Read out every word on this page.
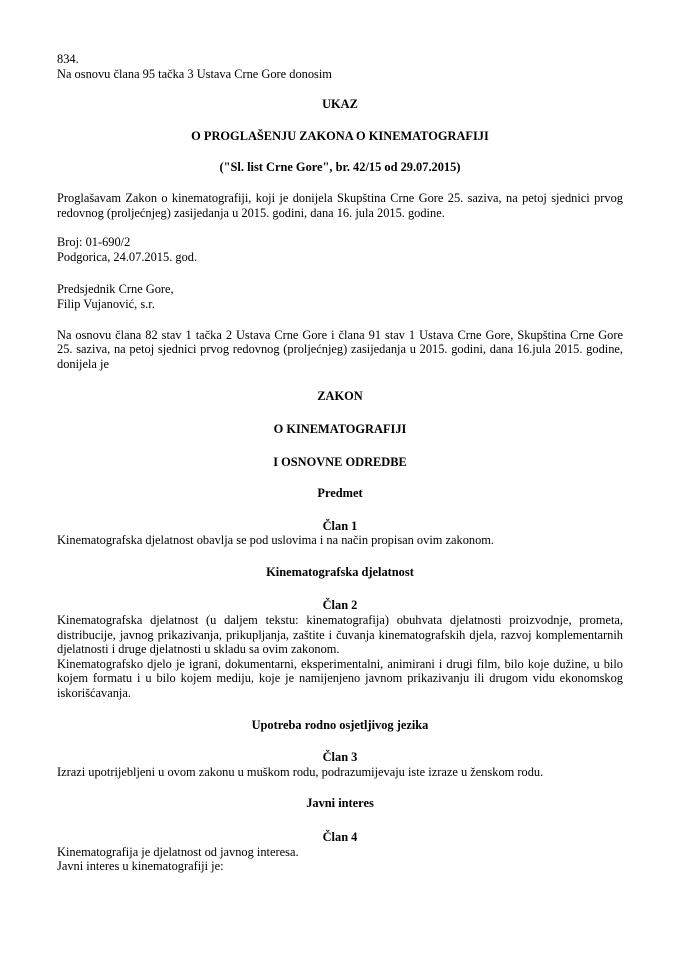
834.

Na osnovu člana 95 tačka 3 Ustava Crne Gore donosim

UKAZ

O PROGLAŠENJU ZAKONA O KINEMATOGRAFIJI

("Sl. list Crne Gore", br. 42/15 od 29.07.2015)

Proglašavam Zakon o kinematografiji, koji je donijela Skupština Crne Gore 25. saziva, na petoj sjednici prvog redovnog (proljećnjeg) zasijedanja u 2015. godini, dana 16. jula 2015. godine.

Broj: 01-690/2

Podgorica, 24.07.2015. god.

Predsjednik Crne Gore,

Filip Vujanović, s.r.

Na osnovu člana 82 stav 1 tačka 2 Ustava Crne Gore i člana 91 stav 1 Ustava Crne Gore, Skupština Crne Gore 25. saziva, na petoj sjednici prvog redovnog (proljećnjeg) zasijedanja u 2015. godini, dana 16.jula 2015. godine, donijela je

ZAKON

O KINEMATOGRAFIJI

I OSNOVNE ODREDBE

Predmet

Član 1

Kinematografska djelatnost obavlja se pod uslovima i na način propisan ovim zakonom.

Kinematografska djelatnost

Član 2

Kinematografska djelatnost (u daljem tekstu: kinematografija) obuhvata djelatnosti proizvodnje, prometa, distribucije, javnog prikazivanja, prikupljanja, zaštite i čuvanja kinematografskih djela, razvoj komplementarnih djelatnosti i druge djelatnosti u skladu sa ovim zakonom.

Kinematografsko djelo je igrani, dokumentarni, eksperimentalni, animirani i drugi film, bilo koje dužine, u bilo kojem formatu i u bilo kojem mediju, koje je namijenjeno javnom prikazivanju ili drugom vidu ekonomskog iskorišćavanja.

Upotreba rodno osjetljivog jezika

Član 3

Izrazi upotrijebljeni u ovom zakonu u muškom rodu, podrazumijevaju iste izraze u ženskom rodu.

Javni interes

Član 4

Kinematografija je djelatnost od javnog interesa.

Javni interes u kinematografiji je:
